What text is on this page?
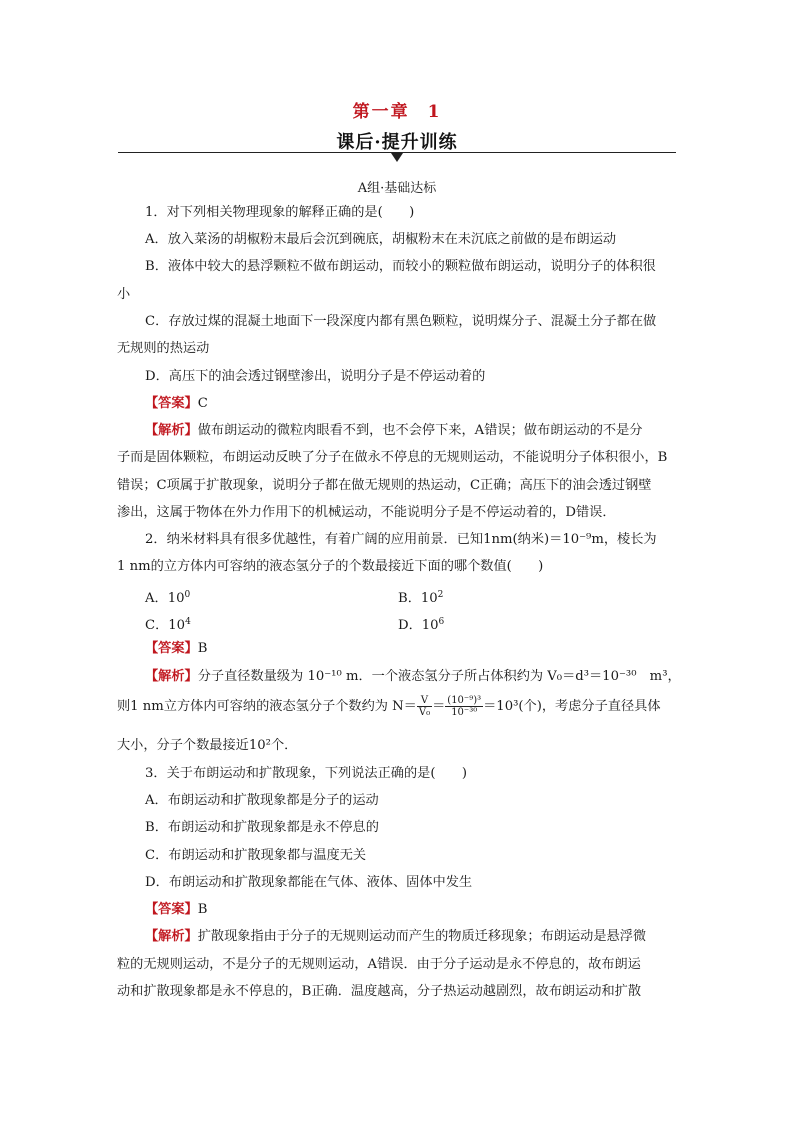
第一章 1
课后·提升训练
A组·基础达标
1．对下列相关物理现象的解释正确的是(　　)
A．放入菜汤的胡椒粉末最后会沉到碗底，胡椒粉末在未沉底之前做的是布朗运动
B．液体中较大的悬浮颗粒不做布朗运动，而较小的颗粒做布朗运动，说明分子的体积很
小
C．存放过煤的混凝土地面下一段深度内都有黑色颗粒，说明煤分子、混凝土分子都在做
无规则的热运动
D．高压下的油会透过钢壁渗出，说明分子是不停运动着的
【答案】C
【解析】做布朗运动的微粒肉眼看不到，也不会停下来，A错误；做布朗运动的不是分
子而是固体颗粒，布朗运动反映了分子在做永不停息的无规则运动，不能说明分子体积很小，B
错误；C项属于扩散现象，说明分子都在做无规则的热运动，C正确；高压下的油会透过钢壁
渗出，这属于物体在外力作用下的机械运动，不能说明分子是不停运动着的，D错误．
2．纳米材料具有很多优越性，有着广阔的应用前景．已知1nm(纳米)＝10⁻⁹m，棱长为
1 nm的立方体内可容纳的液态氢分子的个数最接近下面的哪个数值(　　)
A．$10^0$	B．$10^2$
C．$10^4$	D．$10^6$
【答案】B
【解析】分子直径数量级为 10⁻¹⁰ m．一个液态氢分子所占体积约为 V₀＝d³＝10⁻³⁰　m³，
则1 nm立方体内可容纳的液态氢分子个数约为 $N= \frac{V}{\text{V₀}} = \frac{\text{(10⁻⁹)³}}{\text{10⁻³⁰}} =10^3$(个)，考虑分子直径具体
大小，分子个数最接近10²个．
3．关于布朗运动和扩散现象，下列说法正确的是(　　)
A．布朗运动和扩散现象都是分子的运动
B．布朗运动和扩散现象都是永不停息的
C．布朗运动和扩散现象都与温度无关
D．布朗运动和扩散现象都能在气体、液体、固体中发生
【答案】B
【解析】扩散现象指由于分子的无规则运动而产生的物质迁移现象；布朗运动是悬浮微
粒的无规则运动，不是分子的无规则运动，A错误．由于分子运动是永不停息的，故布朗运
动和扩散现象都是永不停息的，B正确．温度越高，分子热运动越剧烈，故布朗运动和扩散
